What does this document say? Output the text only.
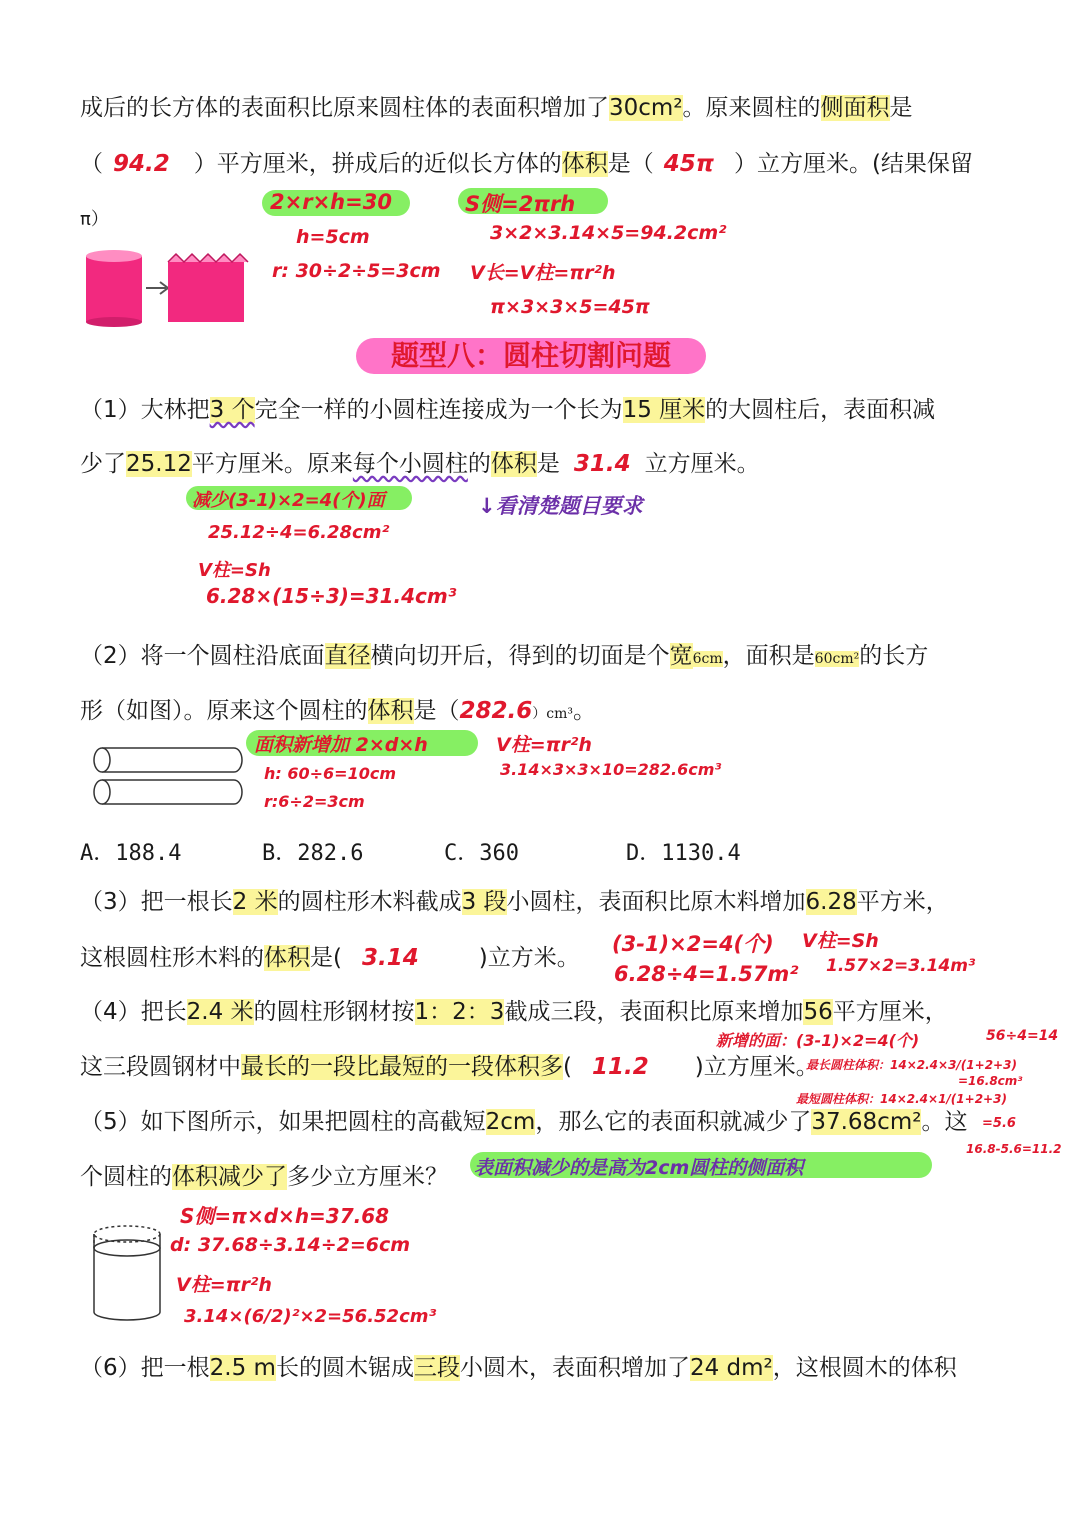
成后的长方体的表面积比原来圆柱体的表面积增加了30cm²。原来圆柱的侧面积是
（ 94.2 ）平方厘米，拼成后的近似长方体的体积是（ 45π ）立方厘米。(结果保留
π）
2×r×h=30	S侧=2πrh
h=5cm	3×2×3.14×5=94.2cm²
r: 30÷2÷5=3cm V长=V柱=πr²h
π×3×3×5=45π
题型八：圆柱切割问题
（1）大林把3 个完全一样的小圆柱连接成为一个长为15 厘米的大圆柱后，表面积减
少了25.12平方厘米。原来每个小圆柱的体积是 31.4 立方厘米。
减少(3-1)×2=4(个)面	↓看清楚题目要求
25.12÷4=6.28cm²
V柱=Sh
6.28×(15÷3)=31.4cm³
（2）将一个圆柱沿底面直径横向切开后，得到的切面是个宽6cm，面积是60cm²的长方
形（如图）。原来这个圆柱的体积是（282.6）cm³。
面积新增加 2×d×h	V柱=πr²h
h: 60÷6=10cm	3.14×3×3×10=282.6cm³
r:6÷2=3cm
A．188.4	B．282.6	C．360	D．1130.4
（3）把一根长2 米的圆柱形木料截成3 段小圆柱，表面积比原木料增加6.28平方米，
这根圆柱形木料的体积是( 3.14	)立方米。
(3-1)×2=4(个) V柱=Sh
6.28÷4=1.57m² 1.57×2=3.14m³
（4）把长2.4 米的圆柱形钢材按1：2：3截成三段，表面积比原来增加56平方厘米，
这三段圆钢材中最长的一段比最短的一段体积多( 11.2 )立方厘米。
新增的面：(3-1)×2=4(个)	56÷4=14
最长圆柱体积：14×2.4×3/(1+2+3)
=16.8cm³
最短圆柱体积：14×2.4×1/(1+2+3)
=5.6
16.8-5.6=11.2
（5）如下图所示，如果把圆柱的高截短2cm，那么它的表面积就减少了37.68cm²。这
个圆柱的体积减少了多少立方厘米？ 表面积减少的是高为2cm圆柱的侧面积
S侧=π×d×h=37.68
d: 37.68÷3.14÷2=6cm
V柱=πr²h
3.14×(6/2)²×2=56.52cm³
（6）把一根2.5 m长的圆木锯成三段小圆木，表面积增加了24 dm²，这根圆木的体积
